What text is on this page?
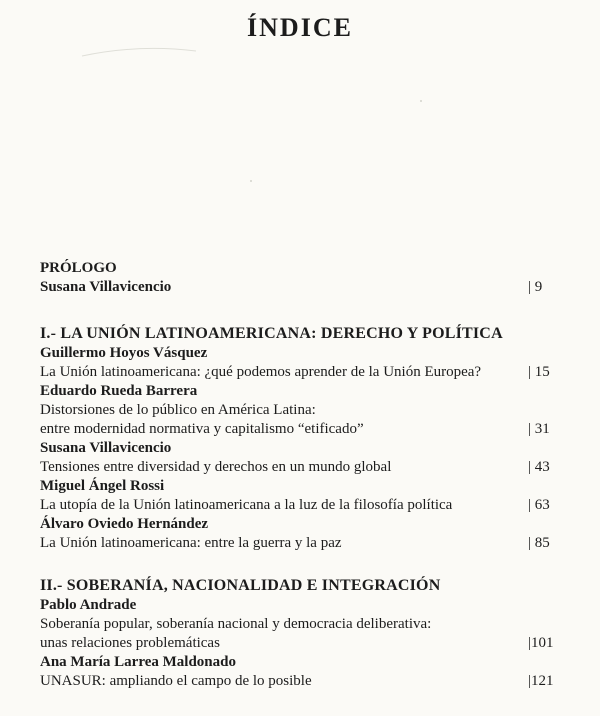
ÍNDICE
PRÓLOGO
Susana Villavicencio	| 9
I.- LA UNIÓN LATINOAMERICANA: DERECHO Y POLÍTICA
Guillermo Hoyos Vásquez
La Unión latinoamericana: ¿qué podemos aprender de la Unión Europea?	| 15
Eduardo Rueda Barrera
Distorsiones de lo público en América Latina:
entre modernidad normativa y capitalismo “etificado”	| 31
Susana Villavicencio
Tensiones entre diversidad y derechos en un mundo global	| 43
Miguel Ángel Rossi
La utopía de la Unión latinoamericana a la luz de la filosofía política	| 63
Álvaro Oviedo Hernández
La Unión latinoamericana: entre la guerra y la paz	| 85
II.- SOBERANÍA, NACIONALIDAD E INTEGRACIÓN
Pablo Andrade
Soberanía popular, soberanía nacional y democracia deliberativa:
unas relaciones problemáticas	|101
Ana María Larrea Maldonado
UNASUR: ampliando el campo de lo posible	|121
